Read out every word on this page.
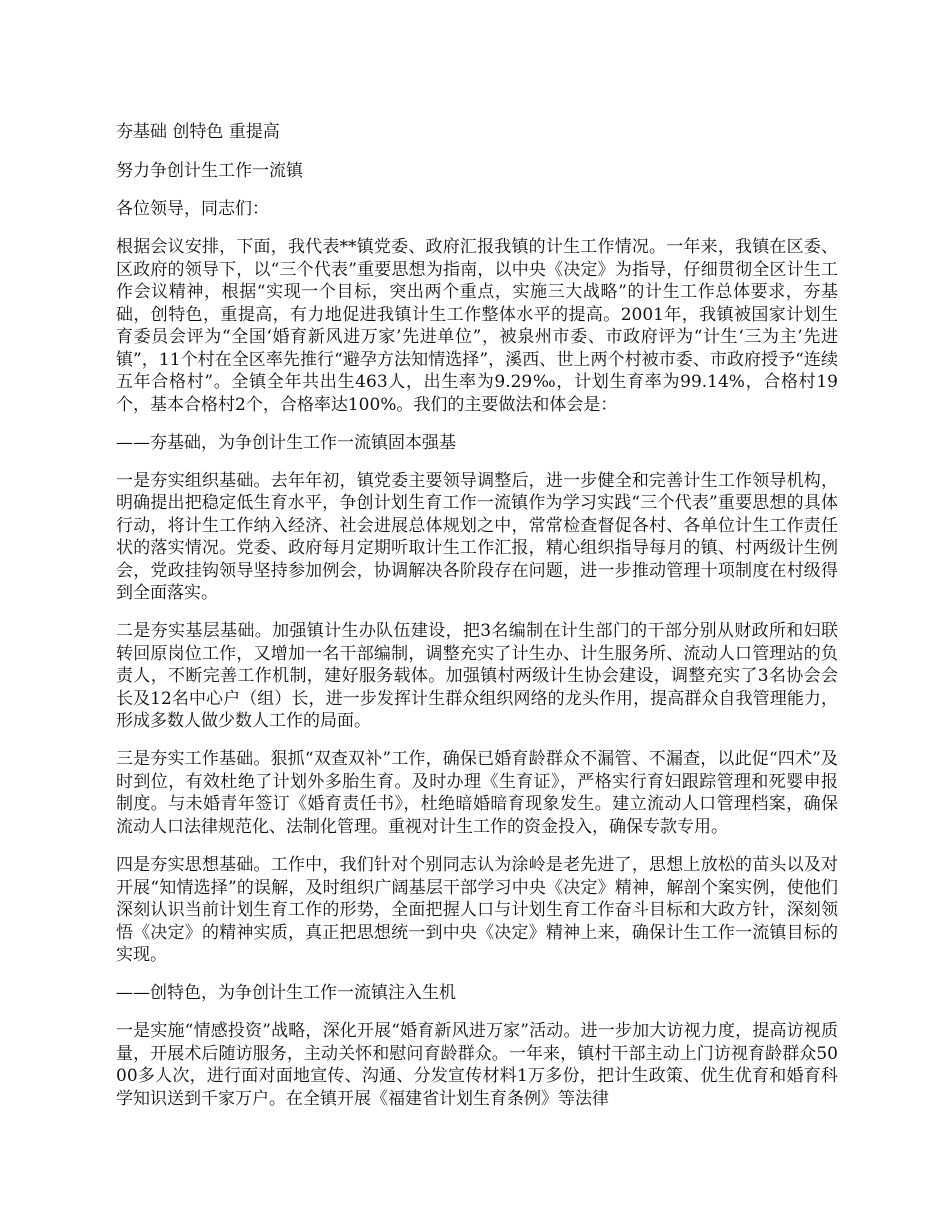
夯基础 创特色 重提高

努力争创计生工作一流镇

各位领导，同志们：

根据会议安排，下面，我代表**镇党委、政府汇报我镇的计生工作情况。一年来，我镇在区委、区政府的领导下，以“三个代表”重要思想为指南，以中央《决定》为指导，仔细贯彻全区计生工作会议精神，根据“实现一个目标，突出两个重点，实施三大战略”的计生工作总体要求，夯基础，创特色，重提高，有力地促进我镇计生工作整体水平的提高。2001年，我镇被国家计划生育委员会评为“全国‘婚育新风进万家’先进单位”，被泉州市委、市政府评为“计生‘三为主’先进镇”，11个村在全区率先推行“避孕方法知情选择”，溪西、世上两个村被市委、市政府授予“连续五年合格村”。全镇全年共出生463人，出生率为9.29‰，计划生育率为99.14%，合格村19个，基本合格村2个，合格率达100%。我们的主要做法和体会是：

——夯基础，为争创计生工作一流镇固本强基

一是夯实组织基础。去年年初，镇党委主要领导调整后，进一步健全和完善计生工作领导机构，明确提出把稳定低生育水平，争创计划生育工作一流镇作为学习实践“三个代表”重要思想的具体行动，将计生工作纳入经济、社会进展总体规划之中，常常检查督促各村、各单位计生工作责任状的落实情况。党委、政府每月定期听取计生工作汇报，精心组织指导每月的镇、村两级计生例会，党政挂钩领导坚持参加例会，协调解决各阶段存在问题，进一步推动管理十项制度在村级得到全面落实。

二是夯实基层基础。加强镇计生办队伍建设，把3名编制在计生部门的干部分别从财政所和妇联转回原岗位工作，又增加一名干部编制，调整充实了计生办、计生服务所、流动人口管理站的负责人，不断完善工作机制，建好服务载体。加强镇村两级计生协会建设，调整充实了3名协会会长及12名中心户（组）长，进一步发挥计生群众组织网络的龙头作用，提高群众自我管理能力，形成多数人做少数人工作的局面。

三是夯实工作基础。狠抓“双查双补”工作，确保已婚育龄群众不漏管、不漏查，以此促“四术”及时到位，有效杜绝了计划外多胎生育。及时办理《生育证》，严格实行育妇跟踪管理和死婴申报制度。与未婚青年签订《婚育责任书》，杜绝暗婚暗育现象发生。建立流动人口管理档案，确保流动人口法律规范化、法制化管理。重视对计生工作的资金投入，确保专款专用。

四是夯实思想基础。工作中，我们针对个别同志认为涂岭是老先进了，思想上放松的苗头以及对开展“知情选择”的误解，及时组织广阔基层干部学习中央《决定》精神，解剖个案实例，使他们深刻认识当前计划生育工作的形势，全面把握人口与计划生育工作奋斗目标和大政方针，深刻领悟《决定》的精神实质，真正把思想统一到中央《决定》精神上来，确保计生工作一流镇目标的实现。

——创特色，为争创计生工作一流镇注入生机

一是实施“情感投资”战略，深化开展“婚育新风进万家”活动。进一步加大访视力度，提高访视质量，开展术后随访服务，主动关怀和慰问育龄群众。一年来，镇村干部主动上门访视育龄群众5000多人次，进行面对面地宣传、沟通、分发宣传材料1万多份，把计生政策、优生优育和婚育科学知识送到千家万户。在全镇开展《福建省计划生育条例》等法律
